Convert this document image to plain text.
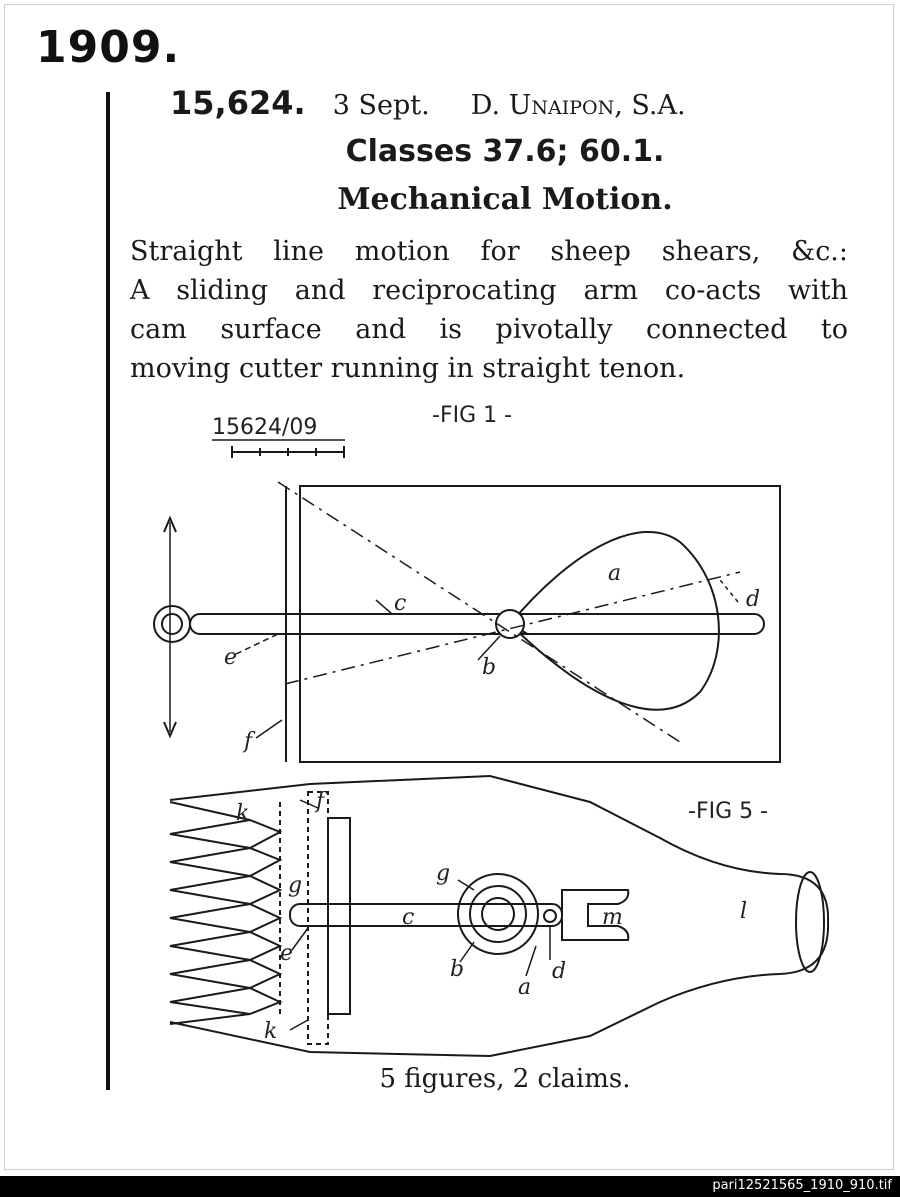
1909.
15,624. 3 Sept. D. Unaipon, S.A.
Classes 37.6; 60.1.
Mechanical Motion.
Straight line motion for sheep shears, &c.:
A sliding and reciprocating arm co-acts with
cam surface and is pivotally connected to
moving cutter running in straight tenon.
15624/09	-FIG 1 -
-FIG 5 -
a
b
c	d
e
f
k	f
g	g
c
e
b
a
d
m	l
k
5 figures, 2 claims.
pari12521565_1910_910.tif
